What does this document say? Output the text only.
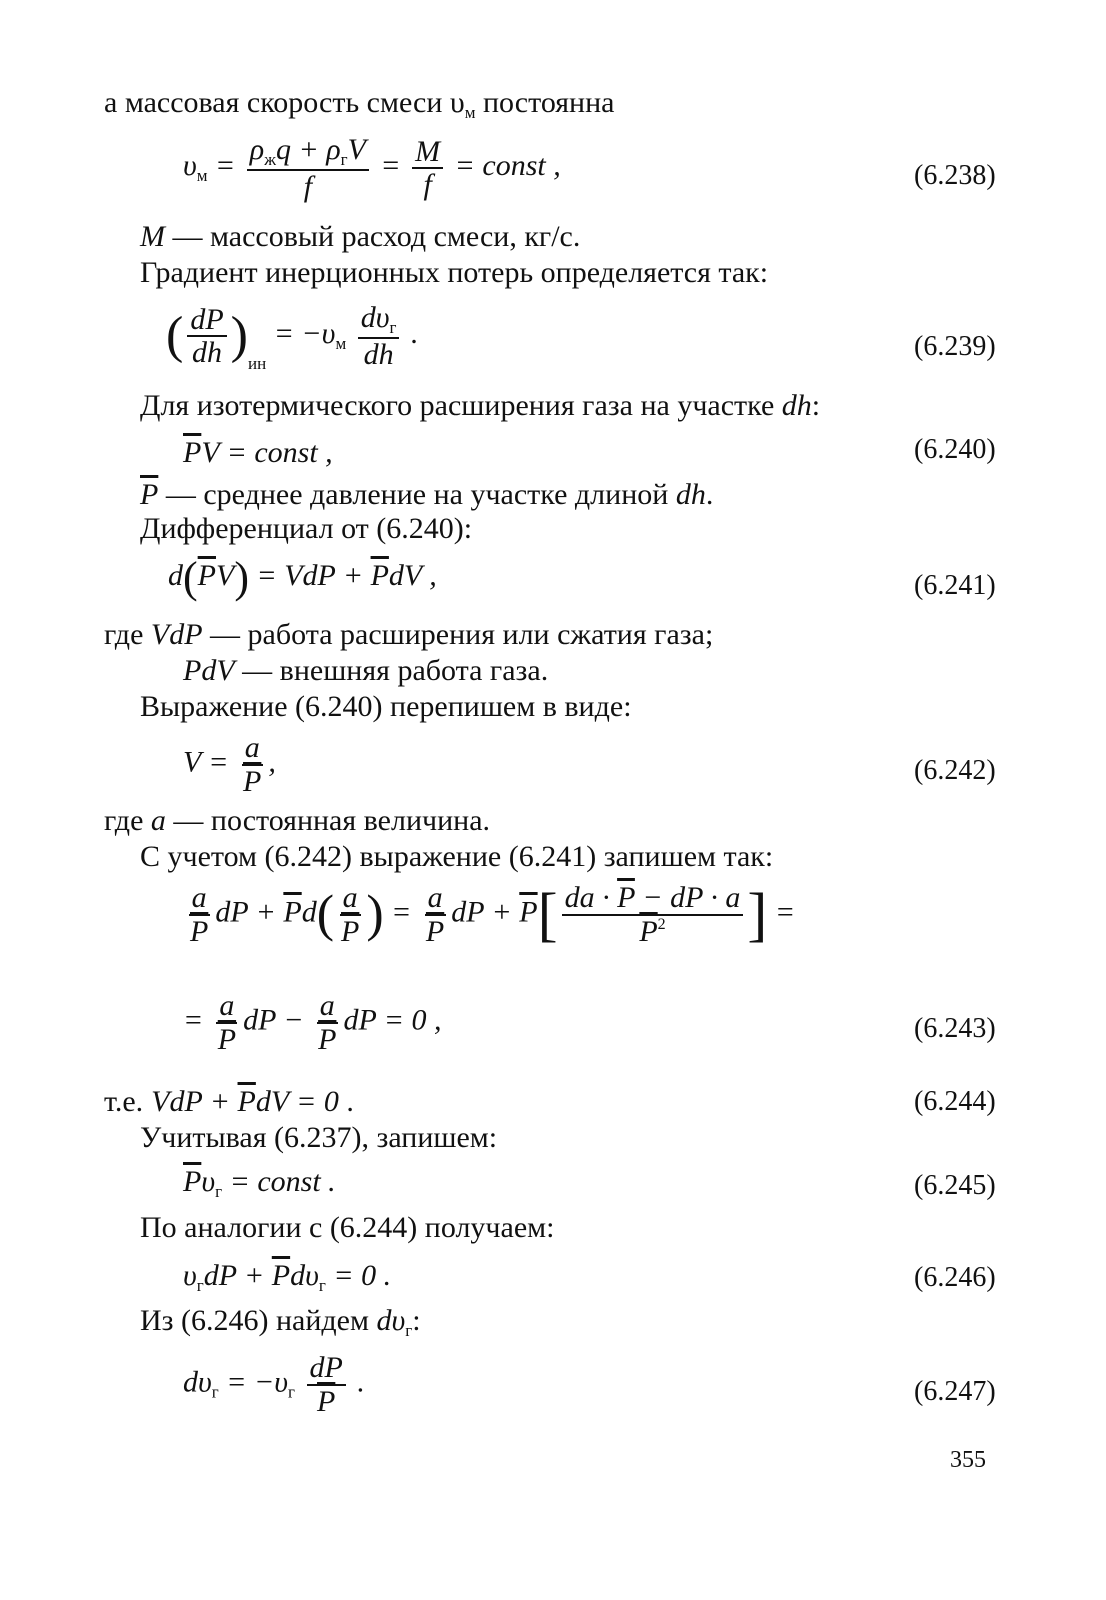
а массовая скорость смеси $\upsilon_м$ постоянна
$\upsilon_м = \rho_жq + \rho_гV$
f
= $\frac{M}{f}$ = const ,	(6.238)
M — массовый расход смеси, кг/с.
Градиент инерционных потерь определяется так:
( $\frac{dP}{dh} )_{ин} = -\upsilon_м$
$d\upsilon_г$
dh
.	(6.239)
Для изотермического расширения газа на участке dh:
$\overline{P}V$ = const ,	(6.240)
$\overline{P}$ — среднее давление на участке длиной dh.
Дифференциал от (6.240):
$d(\overline{P}V)$ = VdP + $\overline{P}dV$ ,	(6.241)
где VdP — работа расширения или сжатия газа;
PdV — внешняя работа газа.
Выражение (6.240) перепишем в виде:
$V = \frac{a}{P}$ ,	(6.242)
где a — постоянная величина.
С учетом (6.242) выражение (6.241) запишем так:
$\frac{a}{P}$ dP + $\overline{P}d( \frac{a}{P}$ ) = $\frac{a}{P}$ dP + $\overline{P}[ \frac{da \cdot \overline{P} - dP \cdot a}{\overline{P}^2}$ ] =
= $\frac{a}{P}$ dP − $\frac{a}{P}$ dP = 0 ,	(6.243)
т.е. VdP + $\overline{P}dV = 0$ .	(6.244)
Учитывая (6.237), запишем:
$\overline{P}\upsilon_г$ = const .	(6.245)
По аналогии с (6.244) получаем:
$\upsilon_гdP + \overline{P}d\upsilon_г = 0$ .	(6.246)
Из (6.246) найдем $d\upsilon_г$:
$d\upsilon_г = -\upsilon_г \frac{dP}{P}$ .	(6.247)
355
